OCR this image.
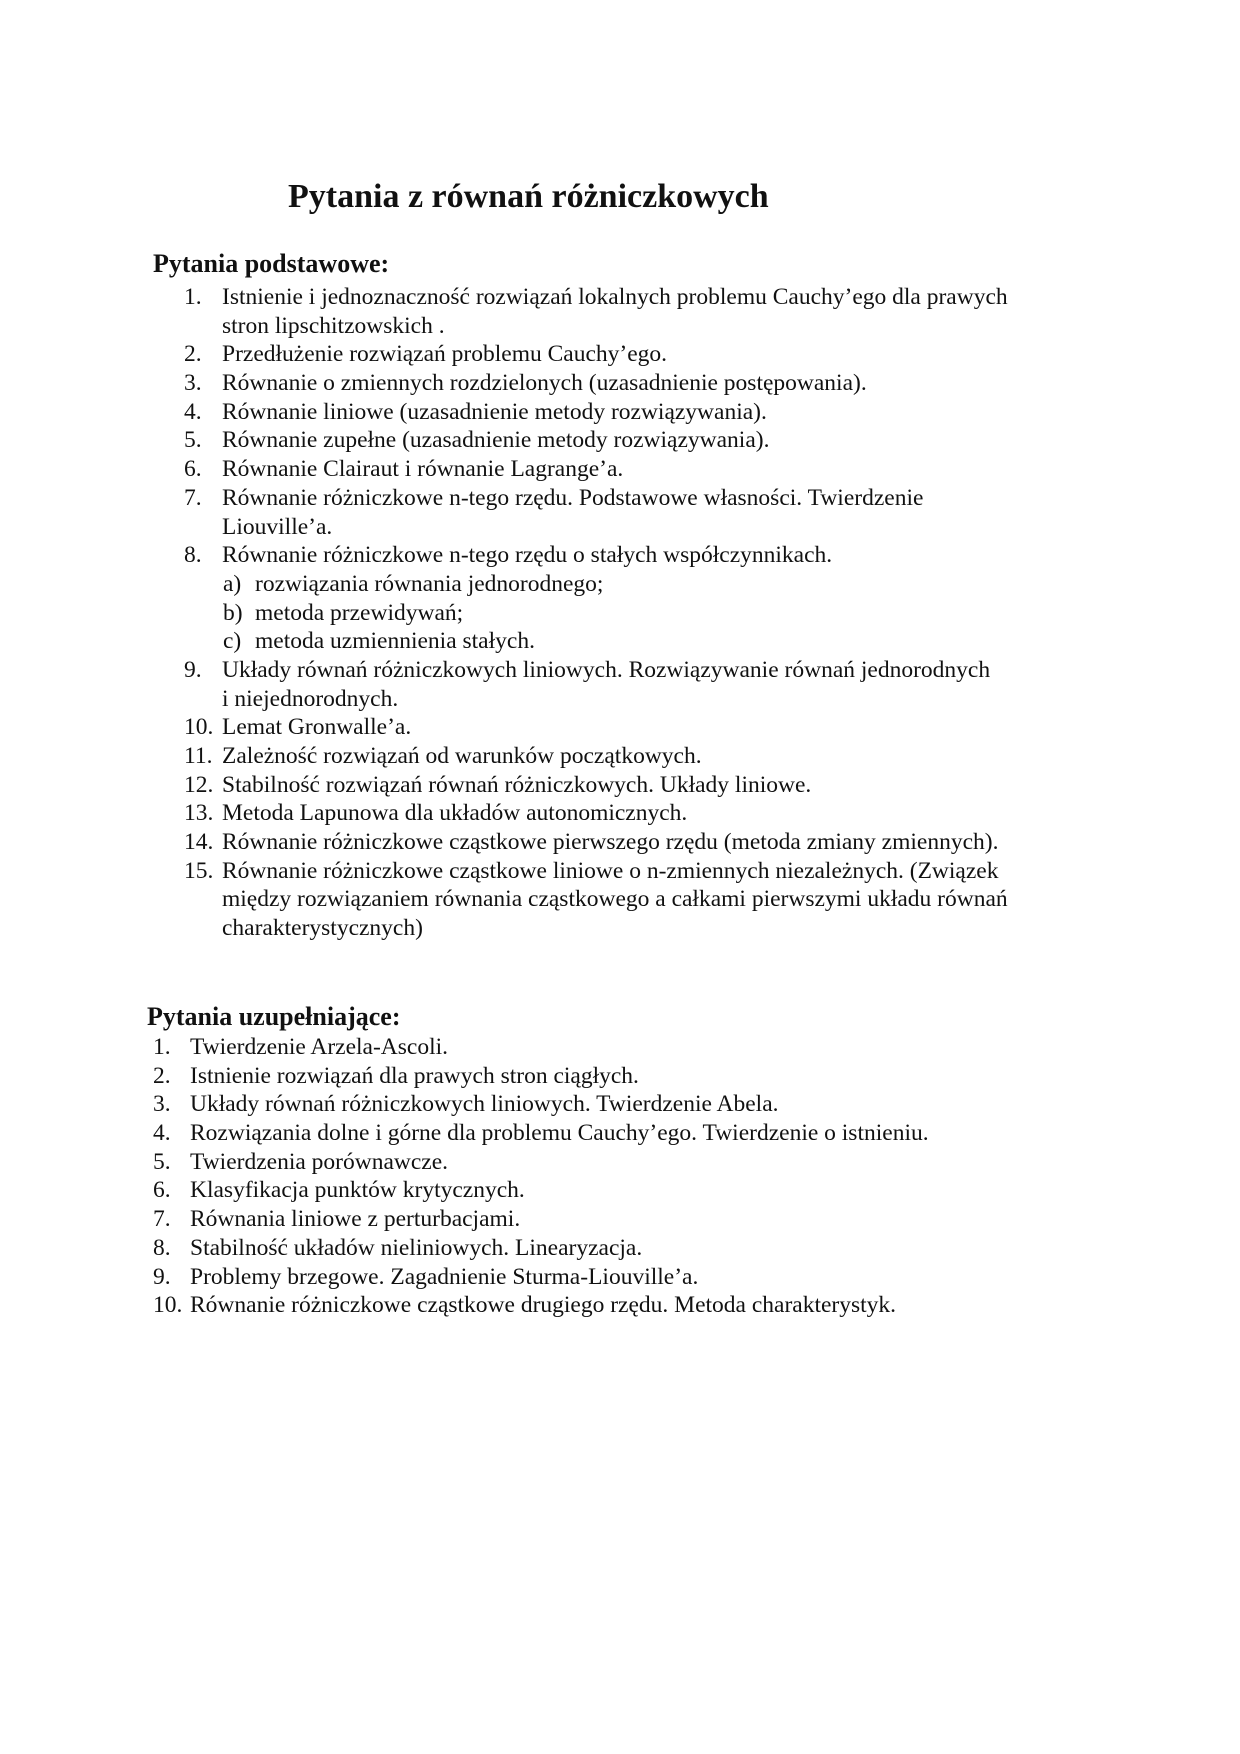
Pytania z równań różniczkowych
Pytania podstawowe:
1. Istnienie i jednoznaczność rozwiązań lokalnych problemu Cauchy’ego dla prawych
stron lipschitzowskich .
2. Przedłużenie rozwiązań problemu Cauchy’ego.
3. Równanie o zmiennych rozdzielonych (uzasadnienie postępowania).
4. Równanie liniowe (uzasadnienie metody rozwiązywania).
5. Równanie zupełne (uzasadnienie metody rozwiązywania).
6. Równanie Clairaut i równanie Lagrange’a.
7. Równanie różniczkowe n-tego rzędu. Podstawowe własności. Twierdzenie
Liouville’a.
8. Równanie różniczkowe n-tego rzędu o stałych współczynnikach.
a) rozwiązania równania jednorodnego;
b) metoda przewidywań;
c) metoda uzmiennienia stałych.
9. Układy równań różniczkowych liniowych. Rozwiązywanie równań jednorodnych
i niejednorodnych.
10. Lemat Gronwalle’a.
11. Zależność rozwiązań od warunków początkowych.
12. Stabilność rozwiązań równań różniczkowych. Układy liniowe.
13. Metoda Lapunowa dla układów autonomicznych.
14. Równanie różniczkowe cząstkowe pierwszego rzędu (metoda zmiany zmiennych).
15. Równanie różniczkowe cząstkowe liniowe o n-zmiennych niezależnych. (Związek
między rozwiązaniem równania cząstkowego a całkami pierwszymi układu równań
charakterystycznych)
Pytania uzupełniające:
1. Twierdzenie Arzela-Ascoli.
2. Istnienie rozwiązań dla prawych stron ciągłych.
3. Układy równań różniczkowych liniowych. Twierdzenie Abela.
4. Rozwiązania dolne i górne dla problemu Cauchy’ego. Twierdzenie o istnieniu.
5. Twierdzenia porównawcze.
6. Klasyfikacja punktów krytycznych.
7. Równania liniowe z perturbacjami.
8. Stabilność układów nieliniowych. Linearyzacja.
9. Problemy brzegowe. Zagadnienie Sturma-Liouville’a.
10. Równanie różniczkowe cząstkowe drugiego rzędu. Metoda charakterystyk.
